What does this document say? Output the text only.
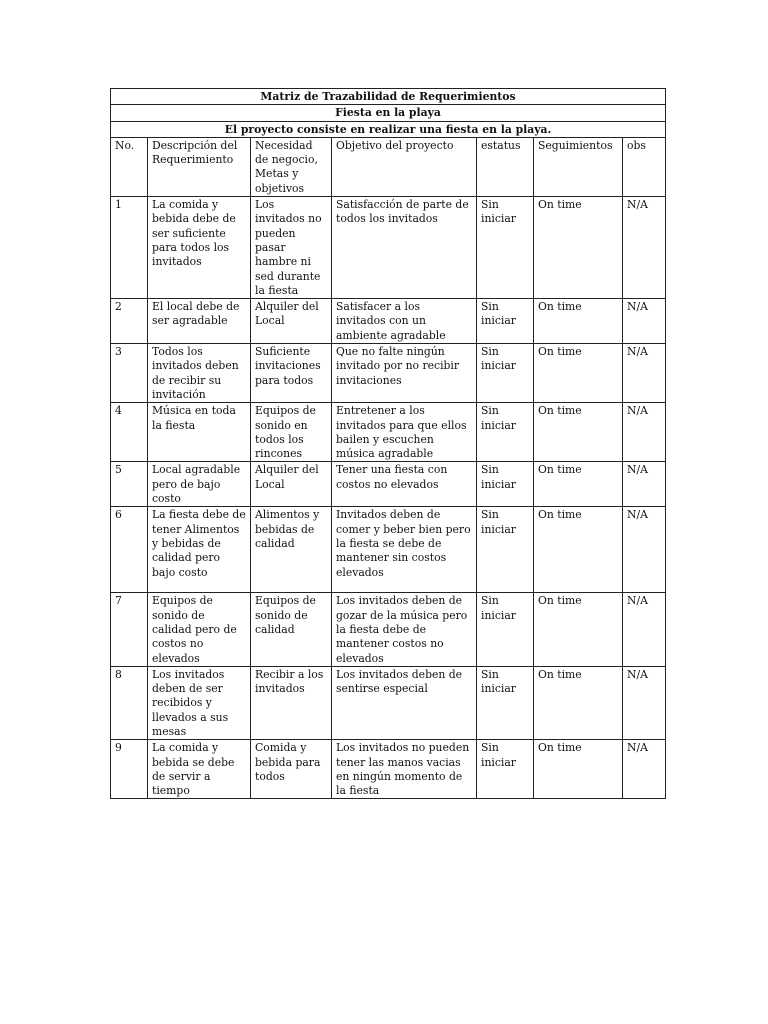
Matriz de Trazabilidad de Requerimientos						
Fiesta en la playa						
El proyecto consiste en realizar una fiesta en la playa.						
No.	Descripción del Requerimiento	Necesidad de negocio, Metas y objetivos	Objetivo del proyecto	estatus	Seguimientos	obs
1	La comida y bebida debe de ser suficiente para todos los invitados	Los invitados no pueden pasar hambre ni sed durante la fiesta	Satisfacción de parte de todos los invitados	Sin iniciar	On time	N/A
2	El local debe de ser agradable	Alquiler del Local	Satisfacer a los invitados con un ambiente agradable	Sin iniciar	On time	N/A
3	Todos los invitados deben de recibir su invitación	Suficiente invitaciones para todos	Que no falte ningún invitado por no recibir invitaciones	Sin iniciar	On time	N/A
4	Música en toda la fiesta	Equipos de sonido en todos los rincones	Entretener a los invitados para que ellos bailen y escuchen música agradable	Sin iniciar	On time	N/A
5	Local agradable pero de bajo costo	Alquiler del Local	Tener una fiesta con costos no elevados	Sin iniciar	On time	N/A
6	La fiesta debe de tener Alimentos y bebidas de calidad pero bajo costo	Alimentos y bebidas de calidad	Invitados deben de comer y beber bien pero la fiesta se debe de mantener sin costos elevados	Sin iniciar	On time	N/A
7	Equipos de sonido de calidad pero de costos no elevados	Equipos de sonido de calidad	Los invitados deben de gozar de la música pero la fiesta debe de mantener costos no elevados	Sin iniciar	On time	N/A
8	Los invitados deben de ser recibidos y llevados a sus mesas	Recibir a los invitados	Los invitados deben de sentirse especial	Sin iniciar	On time	N/A
9	La comida y bebida se debe de servir a tiempo	Comida y bebida para todos	Los invitados no pueden tener las manos vacias en ningún momento de la fiesta	Sin iniciar	On time	N/A
